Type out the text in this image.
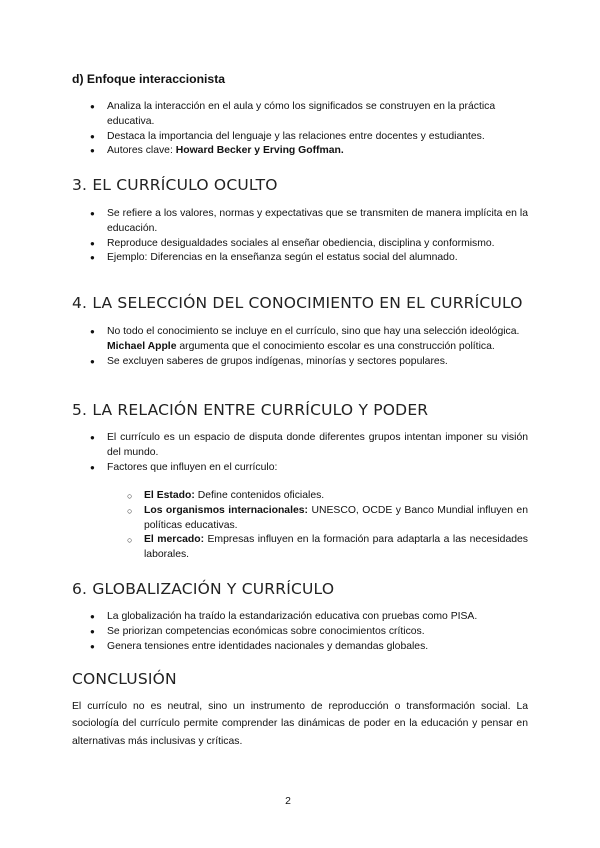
d) Enfoque interaccionista
● Analiza la interacción en el aula y cómo los significados se construyen en la práctica educativa.
● Destaca la importancia del lenguaje y las relaciones entre docentes y estudiantes.
● Autores clave: Howard Becker y Erving Goffman.
3. EL CURRÍCULO OCULTO
● Se refiere a los valores, normas y expectativas que se transmiten de manera implícita en la educación.
● Reproduce desigualdades sociales al enseñar obediencia, disciplina y conformismo.
● Ejemplo: Diferencias en la enseñanza según el estatus social del alumnado.
4. LA SELECCIÓN DEL CONOCIMIENTO EN EL CURRÍCULO
● No todo el conocimiento se incluye en el currículo, sino que hay una selección ideológica.
Michael Apple argumenta que el conocimiento escolar es una construcción política.
● Se excluyen saberes de grupos indígenas, minorías y sectores populares.
5. LA RELACIÓN ENTRE CURRÍCULO Y PODER
● El currículo es un espacio de disputa donde diferentes grupos intentan imponer su visión del mundo.
● Factores que influyen en el currículo:
○ El Estado: Define contenidos oficiales.
○ Los organismos internacionales: UNESCO, OCDE y Banco Mundial influyen en políticas educativas.
○ El mercado: Empresas influyen en la formación para adaptarla a las necesidades laborales.
6. GLOBALIZACIÓN Y CURRÍCULO
● La globalización ha traído la estandarización educativa con pruebas como PISA.
● Se priorizan competencias económicas sobre conocimientos críticos.
● Genera tensiones entre identidades nacionales y demandas globales.
CONCLUSIÓN
El currículo no es neutral, sino un instrumento de reproducción o transformación social. La sociología del currículo permite comprender las dinámicas de poder en la educación y pensar en alternativas más inclusivas y críticas.
2
